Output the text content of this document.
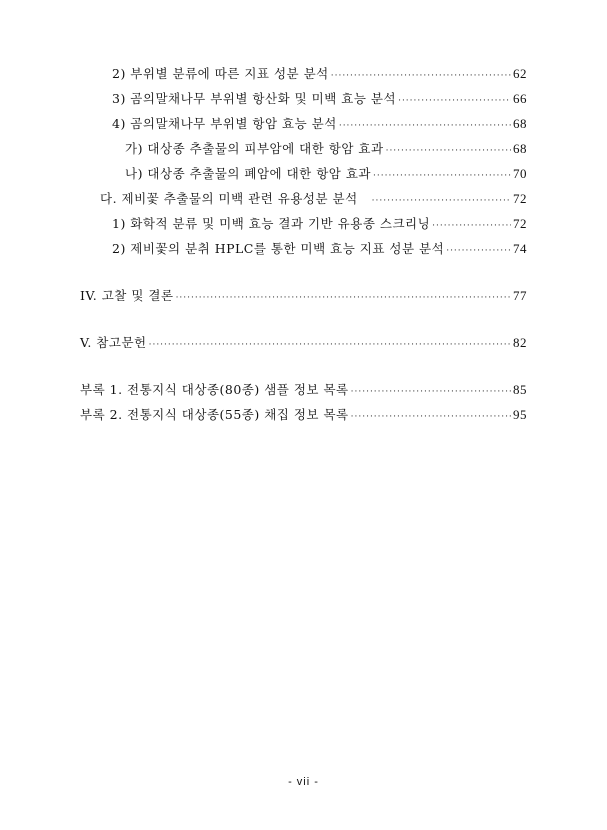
2) 부위별 분류에 따른 지표 성분 분석 ·····	62
3) 곰의말채나무 부위별 항산화 및 미백 효능 분석 ·····	66
4) 곰의말채나무 부위별 항암 효능 분석 ·····	68
가) 대상종 추출물의 피부암에 대한 항암 효과 ·····	68
나) 대상종 추출물의 폐암에 대한 항암 효과 ·····	70
다. 제비꽃 추출물의 미백 관련 유용성분 분석 ·····	72
1) 화학적 분류 및 미백 효능 결과 기반 유용종 스크리닝 ·····	72
2) 제비꽃의 분취 HPLC를 통한 미백 효능 지표 성분 분석 ·····	74
IV. 고찰 및 결론 ·····	77
V. 참고문헌 ·····	82
부록 1. 전통지식 대상종(80종) 샘플 정보 목록 ·····	85
부록 2. 전통지식 대상종(55종) 채집 정보 목록 ·····	95
- vii -
